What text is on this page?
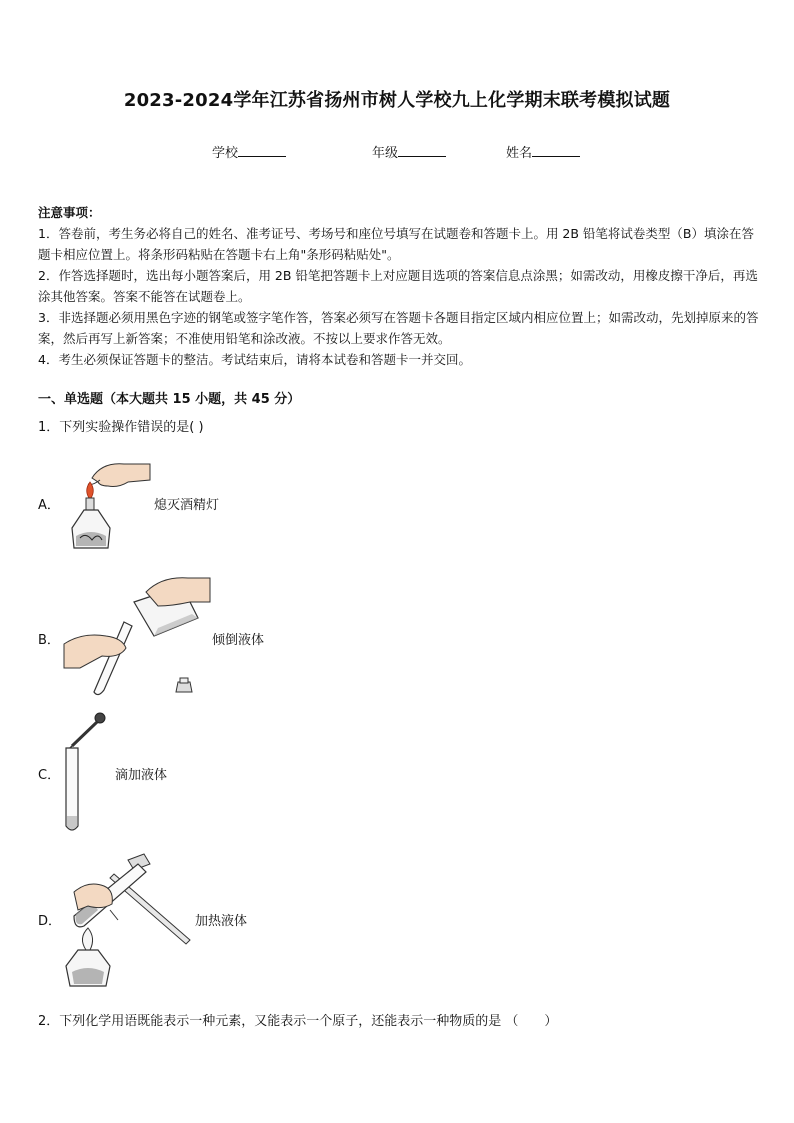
2023-2024学年江苏省扬州市树人学校九上化学期末联考模拟试题
学校	年级	姓名

注意事项：

1．答卷前，考生务必将自己的姓名、准考证号、考场号和座位号填写在试题卷和答题卡上。用 2B 铅笔将试卷类型（B）填涂在答题卡相应位置上。将条形码粘贴在答题卡右上角"条形码粘贴处"。

2．作答选择题时，选出每小题答案后，用 2B 铅笔把答题卡上对应题目选项的答案信息点涂黑；如需改动，用橡皮擦干净后，再选涂其他答案。答案不能答在试题卷上。

3．非选择题必须用黑色字迹的钢笔或签字笔作答，答案必须写在答题卡各题目指定区域内相应位置上；如需改动，先划掉原来的答案，然后再写上新答案；不准使用铅笔和涂改液。不按以上要求作答无效。

4．考生必须保证答题卡的整洁。考试结束后，请将本试卷和答题卡一并交回。

一、单选题（本大题共 15 小题，共 45 分）
1．下列实验操作错误的是( )
A．	熄灭酒精灯
B．	倾倒液体
C．	滴加液体
D．	加热液体
2．下列化学用语既能表示一种元素，又能表示一个原子，还能表示一种物质的是 （　　）
